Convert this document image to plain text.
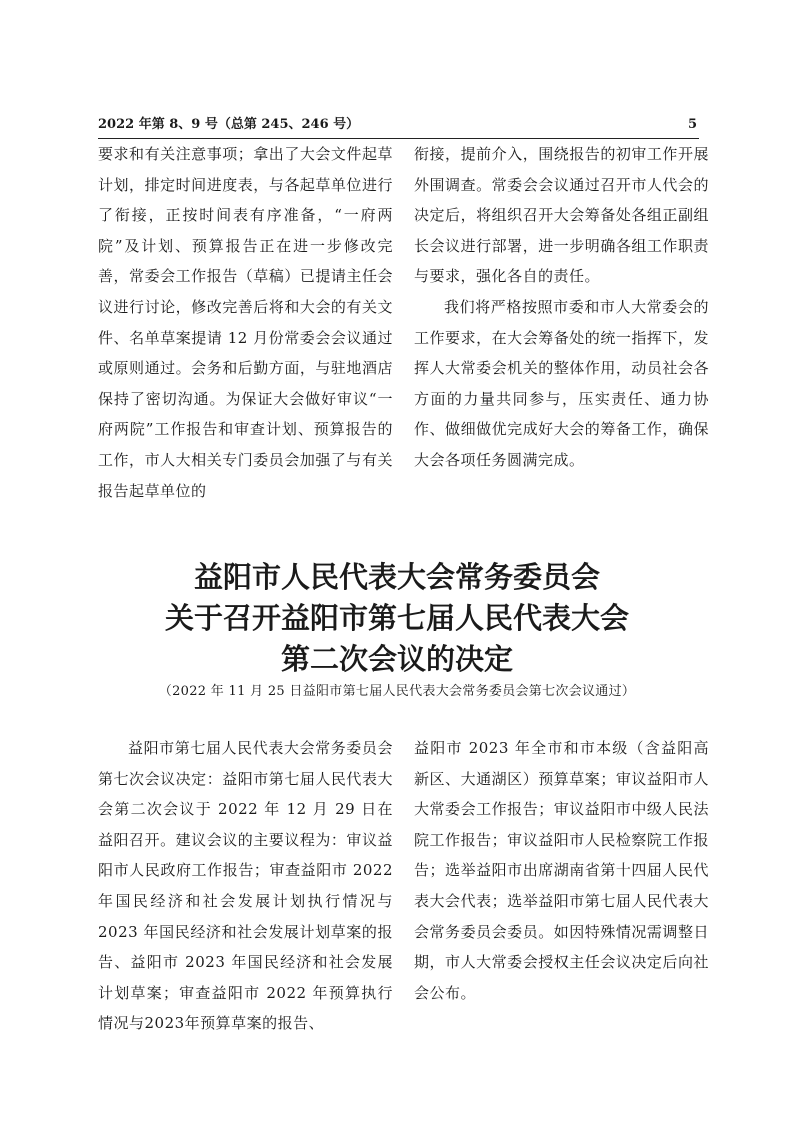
2022 年第 8、9 号（总第 245、246 号）	5

要求和有关注意事项；拿出了大会文件起草计划，排定时间进度表，与各起草单位进行了衔接，正按时间表有序准备，“一府两院”及计划、预算报告正在进一步修改完善，常委会工作报告（草稿）已提请主任会议进行讨论，修改完善后将和大会的有关文件、名单草案提请 12 月份常委会会议通过或原则通过。会务和后勤方面，与驻地酒店保持了密切沟通。为保证大会做好审议“一府两院”工作报告和审查计划、预算报告的工作，市人大相关专门委员会加强了与有关报告起草单位的

衔接，提前介入，围绕报告的初审工作开展外围调查。常委会会议通过召开市人代会的决定后，将组织召开大会筹备处各组正副组长会议进行部署，进一步明确各组工作职责与要求，强化各自的责任。

我们将严格按照市委和市人大常委会的工作要求，在大会筹备处的统一指挥下，发挥人大常委会机关的整体作用，动员社会各方面的力量共同参与，压实责任、通力协作、做细做优完成好大会的筹备工作，确保大会各项任务圆满完成。

益阳市人民代表大会常务委员会
关于召开益阳市第七届人民代表大会
第二次会议的决定
（2022 年 11 月 25 日益阳市第七届人民代表大会常务委员会第七次会议通过）

益阳市第七届人民代表大会常务委员会第七次会议决定：益阳市第七届人民代表大会第二次会议于 2022 年 12 月 29 日在益阳召开。建议会议的主要议程为：审议益阳市人民政府工作报告；审查益阳市 2022 年国民经济和社会发展计划执行情况与 2023 年国民经济和社会发展计划草案的报告、益阳市 2023 年国民经济和社会发展计划草案；审查益阳市 2022 年预算执行情况与2023年预算草案的报告、

益阳市 2023 年全市和市本级（含益阳高新区、大通湖区）预算草案；审议益阳市人大常委会工作报告；审议益阳市中级人民法院工作报告；审议益阳市人民检察院工作报告；选举益阳市出席湖南省第十四届人民代表大会代表；选举益阳市第七届人民代表大会常务委员会委员。如因特殊情况需调整日期，市人大常委会授权主任会议决定后向社会公布。
